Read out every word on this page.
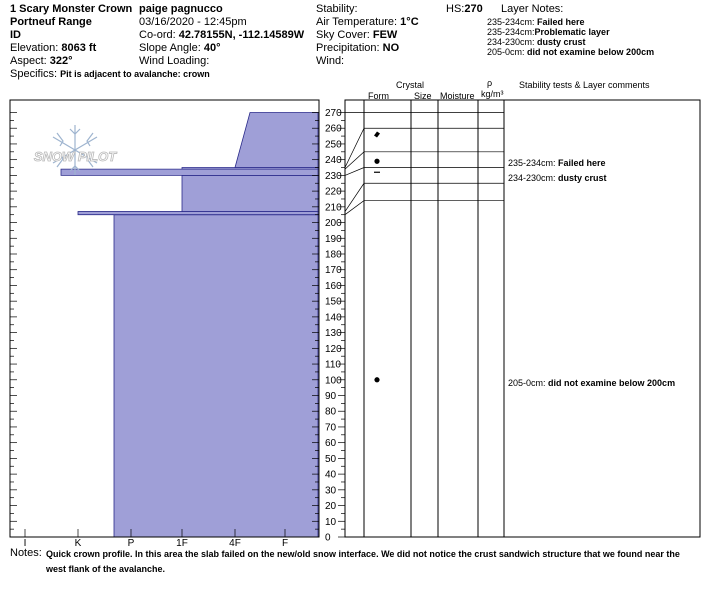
1 Scary Monster Crown
Portneuf Range
ID
Elevation: 8063 ft
Aspect: 322°
Specifics: Pit is adjacent to avalanche: crown
paige pagnucco
03/16/2020 - 12:45pm
Co-ord: 42.78155N, -112.14589W
Slope Angle: 40°
Wind Loading:
Stability:
Air Temperature: 1°C
Sky Cover: FEW
Precipitation: NO
Wind:
HS:270 Layer Notes:
235-234cm: Failed here
235-234cm:Problematic layer
234-230cm: dusty crust
205-0cm: did not examine below 200cm
Crystal
Form	Size Moisture
ρ
kg/m³
Stability tests & Layer comments
SNOW PILOT
0
10
20
30
40
50
60
70
80
90
100
110
120
130
140
150
160
170
180
190
200
210
220
230
240
250
260
270
I	K	P	1F	4F	F
235-234cm: Failed here
234-230cm: dusty crust
205-0cm: did not examine below 200cm
Notes: Quick crown profile. In this area the slab failed on the new/old snow interface. We did not notice the crust sandwich structure that we found near the west flank of the avalanche.
